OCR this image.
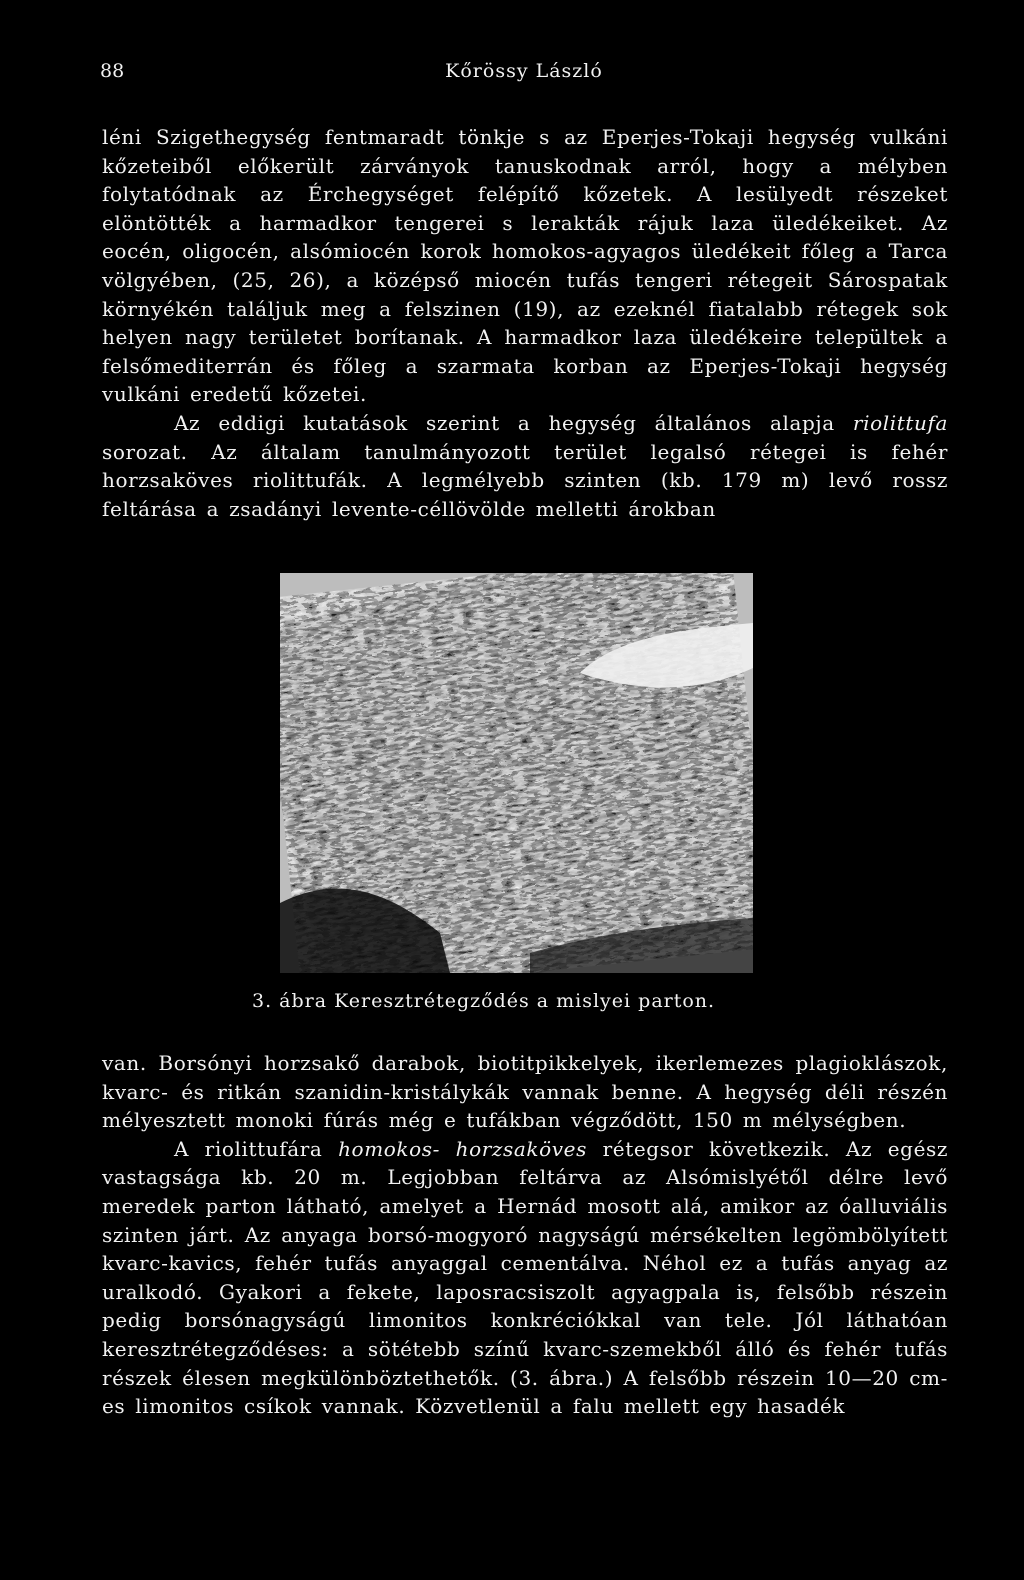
88	Kőrössy László

léni Szigethegység fentmaradt tönkje s az Eperjes-Tokaji hegység vulkáni kőzeteiből előkerült zárványok tanuskodnak arról, hogy a mélyben folytatódnak az Érchegységet felépítő kőzetek. A lesülyedt részeket elöntötték a harmadkor tengerei s lerakták rájuk laza üledékeiket. Az eocén, oligocén, alsómiocén korok homokos-agyagos üledékeit főleg a Tarca völgyében, (25, 26), a középső miocén tufás tengeri rétegeit Sárospatak környékén találjuk meg a felszinen (19), az ezeknél fiatalabb rétegek sok helyen nagy területet borítanak. A harmadkor laza üledékeire települtek a felsőmediterrán és főleg a szarmata korban az Eperjes-Tokaji hegység vulkáni eredetű kőzetei.

Az eddigi kutatások szerint a hegység általános alapja riolittufa sorozat. Az általam tanulmányozott terület legalsó rétegei is fehér horzsaköves riolittufák. A legmélyebb szinten (kb. 179 m) levő rossz feltárása a zsadányi levente-céllövölde melletti árokban

3. ábra Keresztrétegződés a mislyei parton.

van. Borsónyi horzsakő darabok, biotitpikkelyek, ikerlemezes plagioklászok, kvarc- és ritkán szanidin-kristálykák vannak benne. A hegység déli részén mélyesztett monoki fúrás még e tufákban végződött, 150 m mélységben.

A riolittufára homokos- horzsaköves rétegsor következik. Az egész vastagsága kb. 20 m. Legjobban feltárva az Alsómislyétől délre levő meredek parton látható, amelyet a Hernád mosott alá, amikor az óalluviális szinten járt. Az anyaga borsó-mogyoró nagyságú mérsékelten legömbölyített kvarc-kavics, fehér tufás anyaggal cementálva. Néhol ez a tufás anyag az uralkodó. Gyakori a fekete, laposracsiszolt agyagpala is, felsőbb részein pedig borsónagyságú limonitos konkréciókkal van tele. Jól láthatóan keresztrétegződéses: a sötétebb színű kvarc-szemekből álló és fehér tufás részek élesen megkülönböztethetők. (3. ábra.) A felsőbb részein 10—20 cm-es limonitos csíkok vannak. Közvetlenül a falu mellett egy hasadék
